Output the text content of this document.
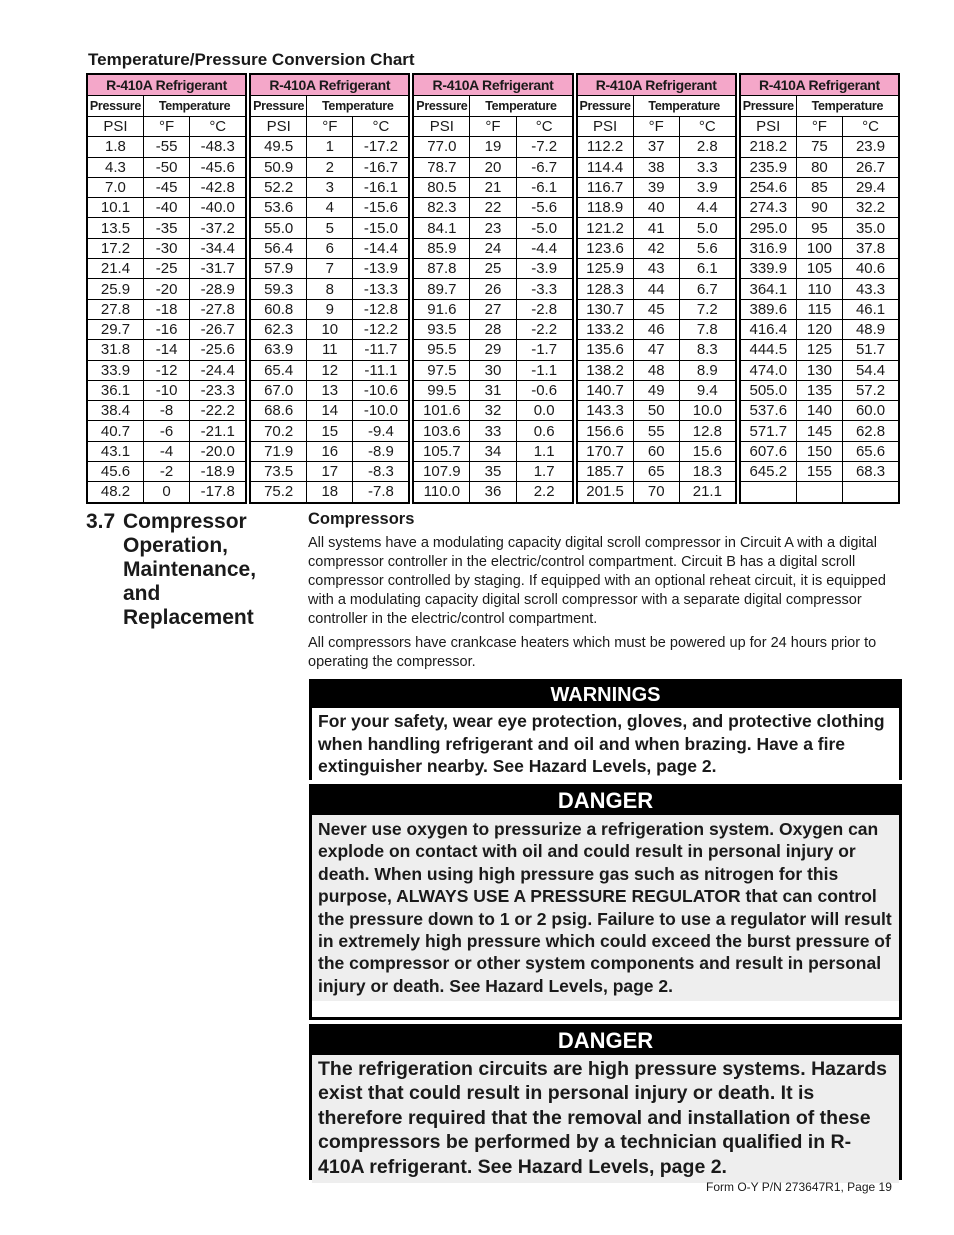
Temperature/Pressure Conversion Chart
R-410A Refrigerant		
Pressure	Temperature	
PSI	°F	°C
1.8	-55	-48.3
4.3	-50	-45.6
7.0	-45	-42.8
10.1	-40	-40.0
13.5	-35	-37.2
17.2	-30	-34.4
21.4	-25	-31.7
25.9	-20	-28.9
27.8	-18	-27.8
29.7	-16	-26.7
31.8	-14	-25.6
33.9	-12	-24.4
36.1	-10	-23.3
38.4	-8	-22.2
40.7	-6	-21.1
43.1	-4	-20.0
45.6	-2	-18.9
48.2	0	-17.8
R-410A Refrigerant		
Pressure	Temperature	
PSI	°F	°C
49.5	1	-17.2
50.9	2	-16.7
52.2	3	-16.1
53.6	4	-15.6
55.0	5	-15.0
56.4	6	-14.4
57.9	7	-13.9
59.3	8	-13.3
60.8	9	-12.8
62.3	10	-12.2
63.9	11	-11.7
65.4	12	-11.1
67.0	13	-10.6
68.6	14	-10.0
70.2	15	-9.4
71.9	16	-8.9
73.5	17	-8.3
75.2	18	-7.8
R-410A Refrigerant		
Pressure	Temperature	
PSI	°F	°C
77.0	19	-7.2
78.7	20	-6.7
80.5	21	-6.1
82.3	22	-5.6
84.1	23	-5.0
85.9	24	-4.4
87.8	25	-3.9
89.7	26	-3.3
91.6	27	-2.8
93.5	28	-2.2
95.5	29	-1.7
97.5	30	-1.1
99.5	31	-0.6
101.6	32	0.0
103.6	33	0.6
105.7	34	1.1
107.9	35	1.7
110.0	36	2.2
R-410A Refrigerant		
Pressure	Temperature	
PSI	°F	°C
112.2	37	2.8
114.4	38	3.3
116.7	39	3.9
118.9	40	4.4
121.2	41	5.0
123.6	42	5.6
125.9	43	6.1
128.3	44	6.7
130.7	45	7.2
133.2	46	7.8
135.6	47	8.3
138.2	48	8.9
140.7	49	9.4
143.3	50	10.0
156.6	55	12.8
170.7	60	15.6
185.7	65	18.3
201.5	70	21.1
R-410A Refrigerant		
Pressure	Temperature	
PSI	°F	°C
218.2	75	23.9
235.9	80	26.7
254.6	85	29.4
274.3	90	32.2
295.0	95	35.0
316.9	100	37.8
339.9	105	40.6
364.1	110	43.3
389.6	115	46.1
416.4	120	48.9
444.5	125	51.7
474.0	130	54.4
505.0	135	57.2
537.6	140	60.0
571.7	145	62.8
607.6	150	65.6
645.2	155	68.3

3.7 Compressor Operation, Maintenance, and Replacement
Compressors

All systems have a modulating capacity digital scroll compressor in Circuit A with a digital compressor controller in the electric/control compartment. Circuit B has a digital scroll compressor controlled by staging. If equipped with an optional reheat circuit, it is equipped with a modulating capacity digital scroll compressor with a separate digital compressor controller in the electric/control compartment.

All compressors have crankcase heaters which must be powered up for 24 hours prior to operating the compressor.

WARNINGS
For your safety, wear eye protection, gloves, and protective clothing when handling refrigerant and oil and when brazing. Have a fire extinguisher nearby. See Hazard Levels, page 2.
DANGER
Never use oxygen to pressurize a refrigeration system. Oxygen can explode on contact with oil and could result in personal injury or death. When using high pressure gas such as nitrogen for this purpose, ALWAYS USE A PRESSURE REGULATOR that can control the pressure down to 1 or 2 psig. Failure to use a regulator will result in extremely high pressure which could exceed the burst pressure of the compressor or other system components and result in personal injury or death. See Hazard Levels, page 2.
DANGER
The refrigeration circuits are high pressure systems. Hazards exist that could result in personal injury or death. It is therefore required that the removal and installation of these compressors be performed by a technician qualified in R-410A refrigerant. See Hazard Levels, page 2.
Form O-Y P/N 273647R1, Page 19
